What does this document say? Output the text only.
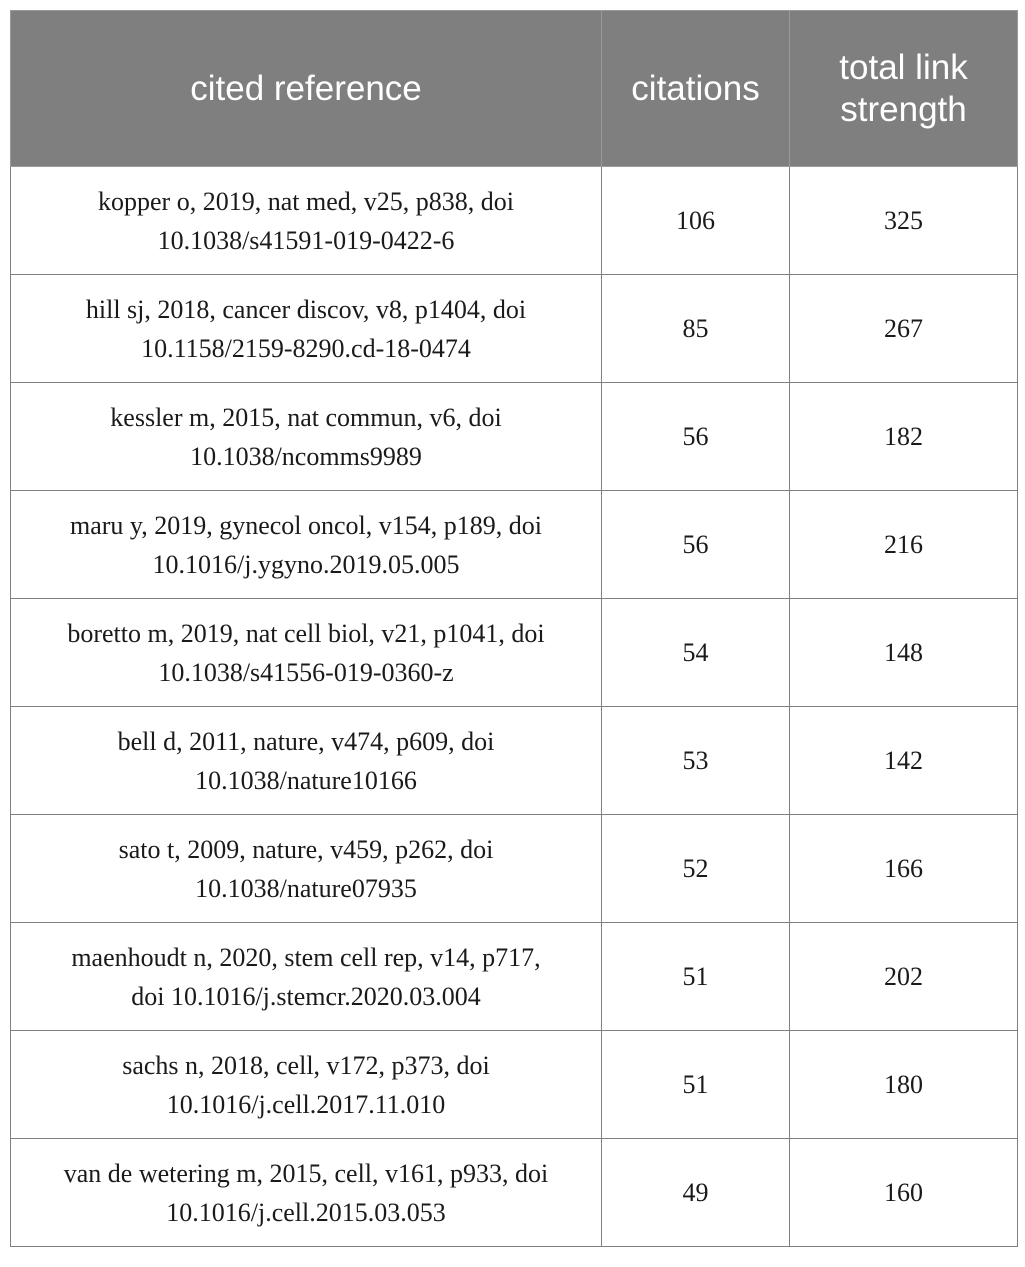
cited reference	citations	total link strength

kopper o, 2019, nat med, v25, p838, doi
10.1038/s41591-019-0422-6	106	325

hill sj, 2018, cancer discov, v8, p1404, doi
10.1158/2159-8290.cd-18-0474	85	267

kessler m, 2015, nat commun, v6, doi
10.1038/ncomms9989	56	182

maru y, 2019, gynecol oncol, v154, p189, doi
10.1016/j.ygyno.2019.05.005	56	216

boretto m, 2019, nat cell biol, v21, p1041, doi
10.1038/s41556-019-0360-z	54	148

bell d, 2011, nature, v474, p609, doi
10.1038/nature10166	53	142

sato t, 2009, nature, v459, p262, doi
10.1038/nature07935	52	166

maenhoudt n, 2020, stem cell rep, v14, p717,
doi 10.1016/j.stemcr.2020.03.004	51	202

sachs n, 2018, cell, v172, p373, doi
10.1016/j.cell.2017.11.010	51	180

van de wetering m, 2015, cell, v161, p933, doi
10.1016/j.cell.2015.03.053	49	160
